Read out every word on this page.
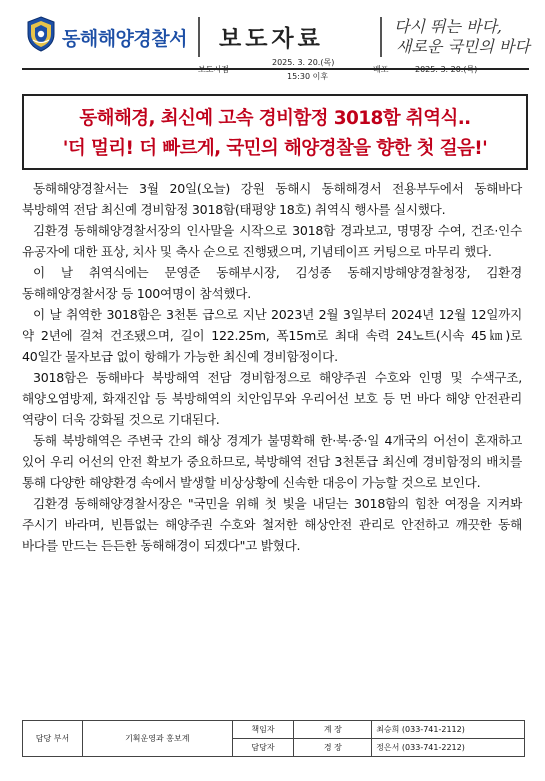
동해해양경찰서 보도자료	다시 뛰는 바다,
새로운 국민의 바다
보도시점
2025. 3. 20.(목)
15:30 이후
배포	2025. 3. 20.(목)
동해해경, 최신예 고속 경비함정 3018함 취역식..
'더 멀리! 더 빠르게, 국민의 해양경찰을 향한 첫 걸음!'

동해해양경찰서는 3월 20일(오늘) 강원 동해시 동해해경서 전용부두에서 동해바다 북방해역 전담 최신예 경비함정 3018함(태평양 18호) 취역식 행사를 실시했다.

김환경 동해해양경찰서장의 인사말을 시작으로 3018함 경과보고, 명명장 수여, 건조·인수 유공자에 대한 표상, 치사 및 축사 순으로 진행됐으며, 기념테이프 커팅으로 마무리 했다.

이 날 취역식에는 문영준 동해부시장, 김성종 동해지방해양경찰청장, 김환경 동해해양경찰서장 등 100여명이 참석했다.

이 날 취역한 3018함은 3천톤 급으로 지난 2023년 2월 3일부터 2024년 12월 12일까지 약 2년에 걸쳐 건조됐으며, 길이 122.25m, 폭15m로 최대 속력 24노트(시속 45㎞)로 40일간 물자보급 없이 항해가 가능한 최신예 경비함정이다.

3018함은 동해바다 북방해역 전담 경비함정으로 해양주권 수호와 인명 및 수색구조, 해양오염방제, 화재진압 등 북방해역의 치안임무와 우리어선 보호 등 먼 바다 해양 안전관리 역량이 더욱 강화될 것으로 기대된다.

동해 북방해역은 주변국 간의 해상 경계가 불명확해 한·북·중·일 4개국의 어선이 혼재하고 있어 우리 어선의 안전 확보가 중요하므로, 북방해역 전담 3천톤급 최신예 경비함정의 배치를 통해 다양한 해양환경 속에서 발생할 비상상황에 신속한 대응이 가능할 것으로 보인다.

김환경 동해해양경찰서장은 "국민을 위해 첫 빛을 내딛는 3018함의 힘찬 여정을 지켜봐 주시기 바라며, 빈틈없는 해양주권 수호와 철저한 해상안전 관리로 안전하고 깨끗한 동해 바다를 만드는 든든한 동해해경이 되겠다"고 밝혔다.

담당 부서	기획운영과 홍보계	책임자	계 장	최승희 (033-741-2112)
		담당자	경 장	정은서 (033-741-2212)
